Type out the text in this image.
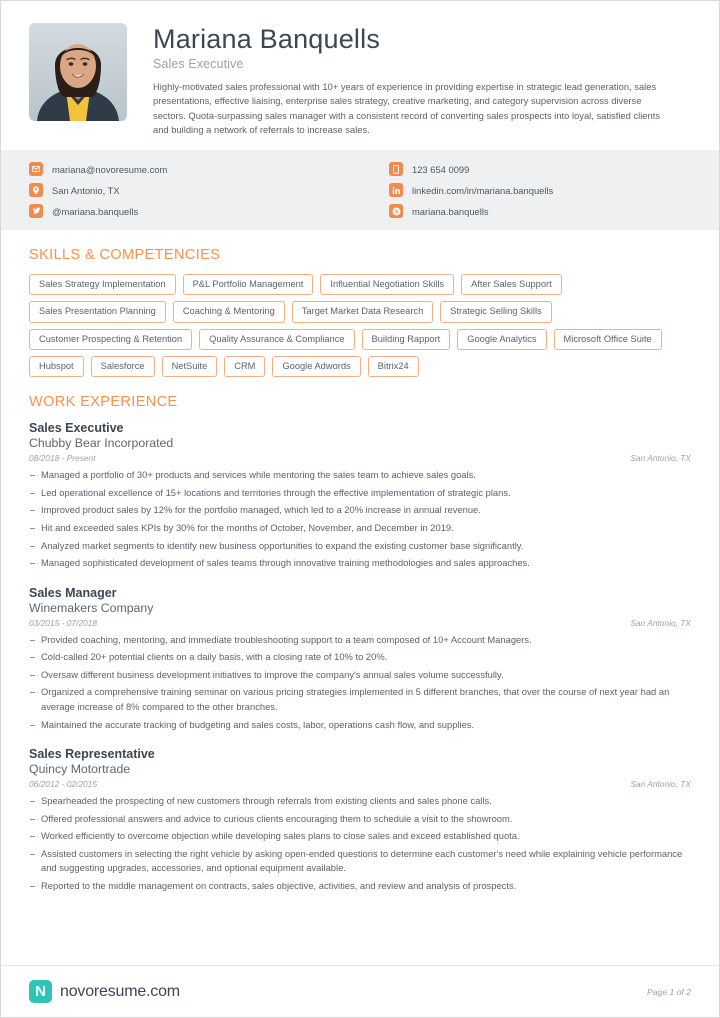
Mariana Banquells
Sales Executive
Highly-motivated sales professional with 10+ years of experience in providing expertise in strategic lead generation, sales presentations, effective liaising, enterprise sales strategy, creative marketing, and category supervision across diverse sectors. Quota-surpassing sales manager with a consistent record of converting sales prospects into loyal, satisfied clients and building a network of referrals to increase sales.
mariana@novoresume.com
San Antonio, TX
@mariana.banquells
123 654 0099
linkedin.com/in/mariana.banquells
S mariana.banquells
SKILLS & COMPETENCIES
Sales Strategy Implementation	P&L Portfolio Management	Influential Negotiation Skills	After Sales Support
Sales Presentation Planning	Coaching & Mentoring	Target Market Data Research	Strategic Selling Skills
Customer Prospecting & Retention	Quality Assurance & Compliance	Building Rapport	Google Analytics	Microsoft Office Suite
Hubspot	Salesforce	NetSuite	CRM	Google Adwords	Bitrix24
WORK EXPERIENCE
Sales Executive
Chubby Bear Incorporated
08/2018 - Present	San Antonio, TX
Managed a portfolio of 30+ products and services while mentoring the sales team to achieve sales goals.
Led operational excellence of 15+ locations and territories through the effective implementation of strategic plans.
Improved product sales by 12% for the portfolio managed, which led to a 20% increase in annual revenue.
Hit and exceeded sales KPIs by 30% for the months of October, November, and December in 2019.
Analyzed market segments to identify new business opportunities to expand the existing customer base significantly.
Managed sophisticated development of sales teams through innovative training methodologies and sales approaches.
Sales Manager
Winemakers Company
03/2015 - 07/2018	San Antonio, TX
Provided coaching, mentoring, and immediate troubleshooting support to a team composed of 10+ Account Managers.
Cold-called 20+ potential clients on a daily basis, with a closing rate of 10% to 20%.
Oversaw different business development initiatives to improve the company's annual sales volume successfully.
Organized a comprehensive training seminar on various pricing strategies implemented in 5 different branches, that over the course of next year had an average increase of 8% compared to the other branches.
Maintained the accurate tracking of budgeting and sales costs, labor, operations cash flow, and supplies.
Sales Representative
Quincy Motortrade
06/2012 - 02/2015	San Antonio, TX
Spearheaded the prospecting of new customers through referrals from existing clients and sales phone calls.
Offered professional answers and advice to curious clients encouraging them to schedule a visit to the showroom.
Worked efficiently to overcome objection while developing sales plans to close sales and exceed established quota.
Assisted customers in selecting the right vehicle by asking open-ended questions to determine each customer's need while explaining vehicle performance and suggesting upgrades, accessories, and optional equipment available.
Reported to the middle management on contracts, sales objective, activities, and review and analysis of prospects.
N novoresume.com	Page 1 of 2
